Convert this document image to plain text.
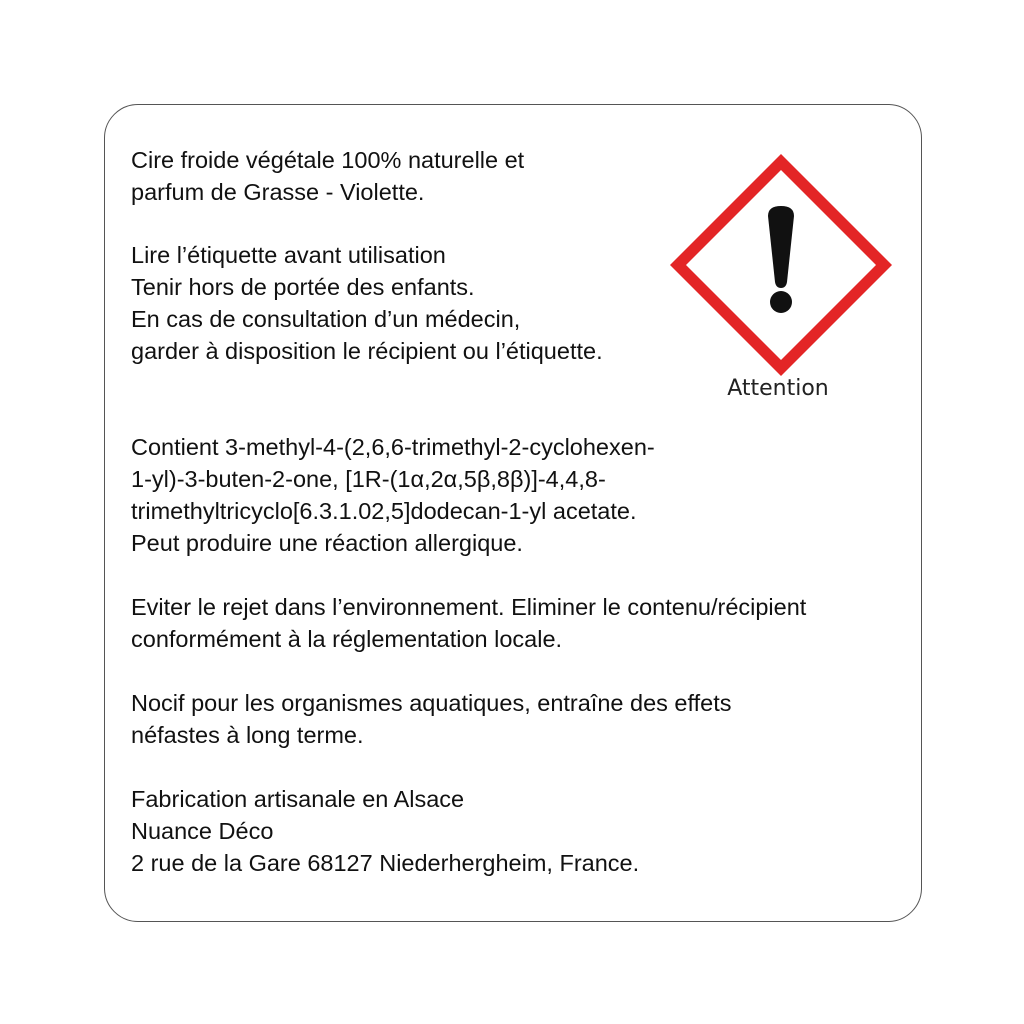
Cire froide végétale 100% naturelle et
parfum de Grasse - Violette.
Lire l’étiquette avant utilisation
Tenir hors de portée des enfants.
En cas de consultation d’un médecin,
garder à disposition le récipient ou l’étiquette.
Attention
Contient 3-methyl-4-(2,6,6-trimethyl-2-cyclohexen-
1-yl)-3-buten-2-one, [1R-(1α,2α,5β,8β)]-4,4,8-
trimethyltricyclo[6.3.1.02,5]dodecan-1-yl acetate.
Peut produire une réaction allergique.
Eviter le rejet dans l’environnement. Eliminer le contenu/récipient
conformément à la réglementation locale.
Nocif pour les organismes aquatiques, entraîne des effets
néfastes à long terme.
Fabrication artisanale en Alsace
Nuance Déco
2 rue de la Gare 68127 Niederhergheim, France.
